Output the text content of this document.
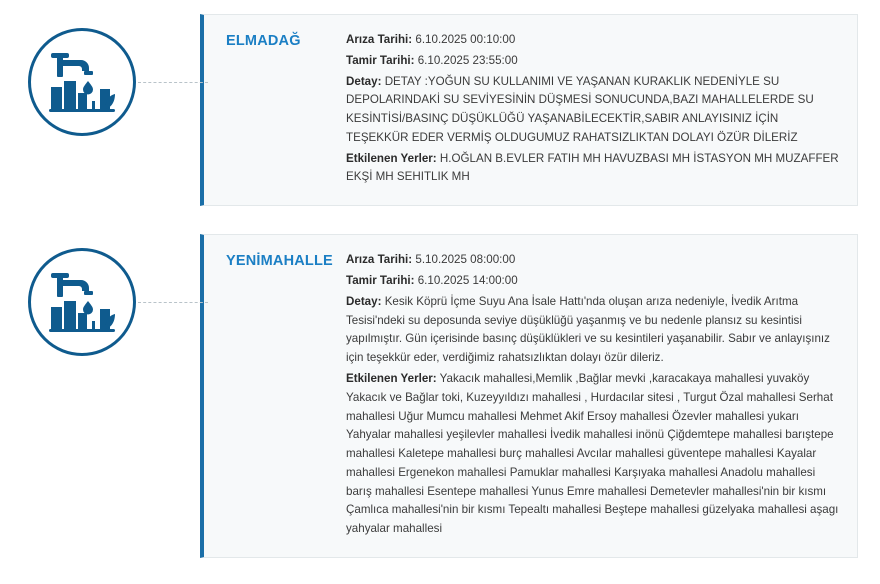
ELMADAĞ	Arıza Tarihi: 6.10.2025 00:10:00

Tamir Tarihi: 6.10.2025 23:55:00

Detay: DETAY :YOĞUN SU KULLANIMI VE YAŞANAN KURAKLIK NEDENİYLE SU DEPOLARINDAKİ SU SEVİYESİNİN DÜŞMESİ SONUCUNDA,BAZI MAHALLELERDE SU KESİNTİSİ/BASINÇ DÜŞÜKLÜĞÜ YAŞANABİLECEKTİR,SABIR ANLAYISINIZ İÇİN TEŞEKKÜR EDER VERMİŞ OLDUGUMUZ RAHATSIZLIKTAN DOLAYI ÖZÜR DİLERİZ

Etkilenen Yerler: H.OĞLAN B.EVLER FATIH MH HAVUZBASI MH İSTASYON MH MUZAFFER EKŞİ MH SEHITLIK MH

YENİMAHALLE	Arıza Tarihi: 5.10.2025 08:00:00

Tamir Tarihi: 6.10.2025 14:00:00

Detay: Kesik Köprü İçme Suyu Ana İsale Hattı'nda oluşan arıza nedeniyle, İvedik Arıtma Tesisi'ndeki su deposunda seviye düşüklüğü yaşanmış ve bu nedenle plansız su kesintisi yapılmıştır. Gün içerisinde basınç düşüklükleri ve su kesintileri yaşanabilir. Sabır ve anlayışınız için teşekkür eder, verdiğimiz rahatsızlıktan dolayı özür dileriz.

Etkilenen Yerler: Yakacık mahallesi,Memlik ,Bağlar mevki ,karacakaya mahallesi yuvaköy Yakacık ve Bağlar toki, Kuzeyyıldızı mahallesi , Hurdacılar sitesi , Turgut Özal mahallesi Serhat mahallesi Uğur Mumcu mahallesi Mehmet Akif Ersoy mahallesi Özevler mahallesi yukarı Yahyalar mahallesi yeşilevler mahallesi İvedik mahallesi inönü Çiğdemtepe mahallesi barıştepe mahallesi Kaletepe mahallesi burç mahallesi Avcılar mahallesi güventepe mahallesi Kayalar mahallesi Ergenekon mahallesi Pamuklar mahallesi Karşıyaka mahallesi Anadolu mahallesi barış mahallesi Esentepe mahallesi Yunus Emre mahallesi Demetevler mahallesi'nin bir kısmı Çamlıca mahallesi'nin bir kısmı Tepealtı mahallesi Beştepe mahallesi güzelyaka mahallesi aşagı yahyalar mahallesi
